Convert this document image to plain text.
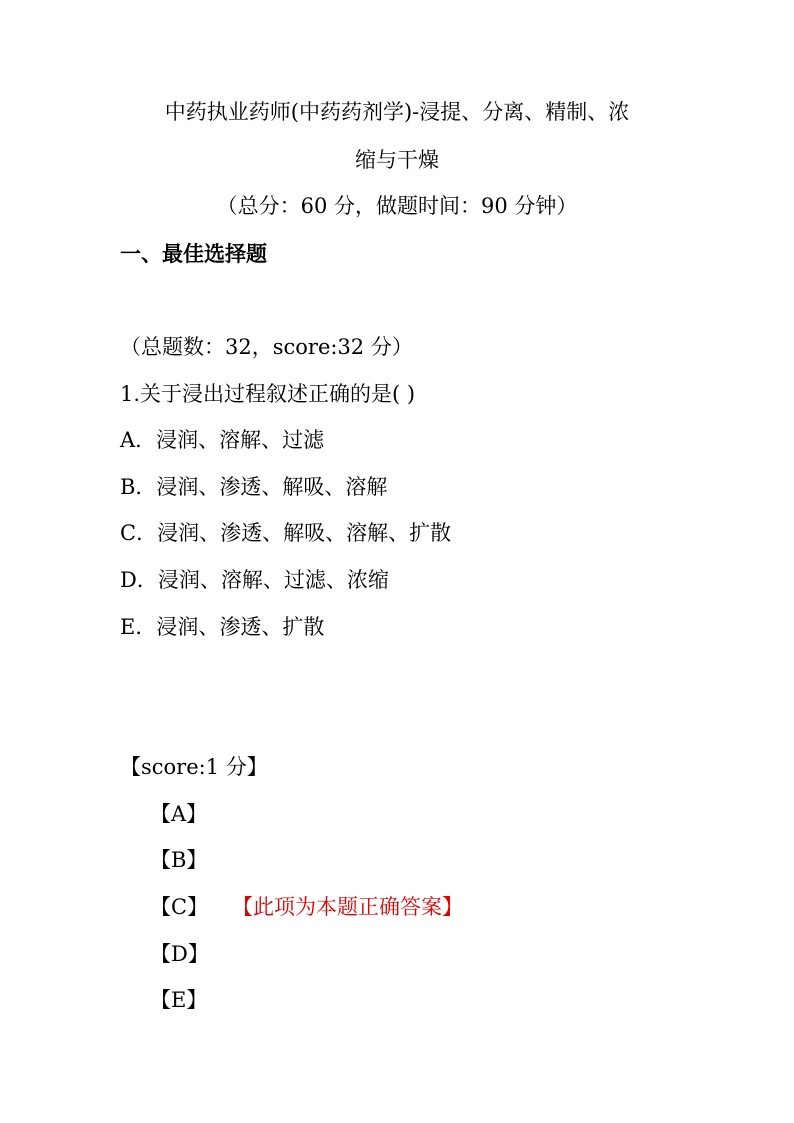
中药执业药师(中药药剂学)-浸提、分离、精制、浓
缩与干燥
（总分：60 分，做题时间：90 分钟）
一、最佳选择题
（总题数：32，score:32 分）
1.关于浸出过程叙述正确的是( )
A．浸润、溶解、过滤
B．浸润、渗透、解吸、溶解
C．浸润、渗透、解吸、溶解、扩散
D．浸润、溶解、过滤、浓缩
E．浸润、渗透、扩散
【score:1 分】
【A】
【B】
【C】 【此项为本题正确答案】
【D】
【E】
